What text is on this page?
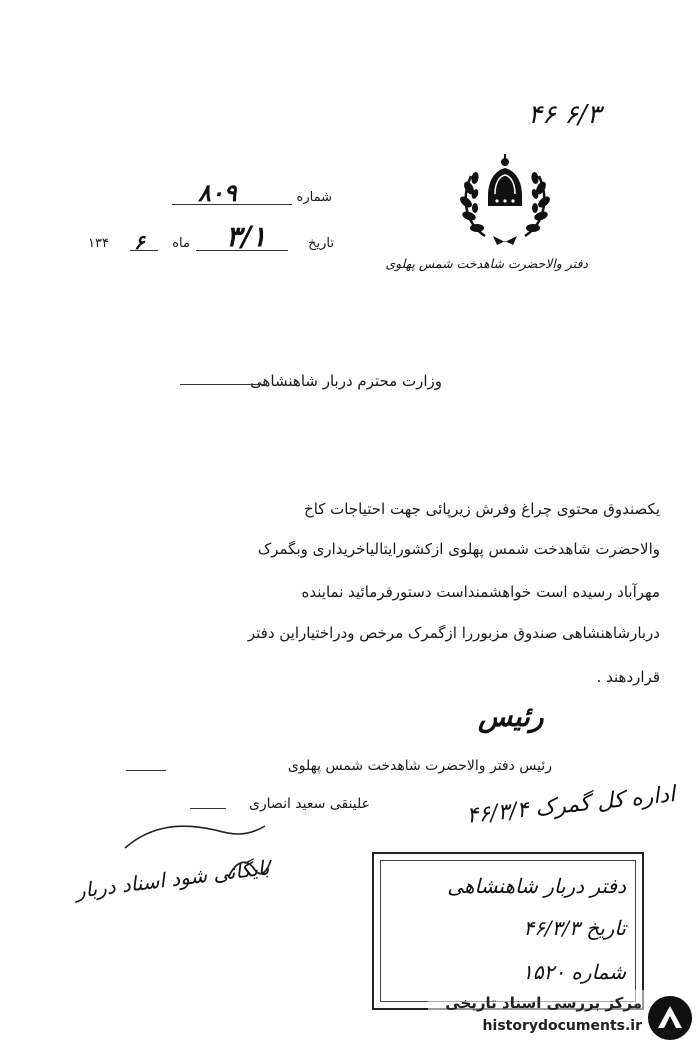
۴۶ ۶/۳
دفتر والاحضرت شاهدخت شمس پهلوی
شماره
۸۰۹
تاریخ
۳/۱
ماه
۶
۱۳۴
وزارت محترم دربار شاهنشاهی
یکصندوق محتوی چراغ وفرش زیرپائی جهت احتیاجات کاخ
والاحضرت شاهدخت شمس پهلوی ازکشورایتالیاخریداری وبگمرک
مهرآباد رسیده است خواهشمنداست دستورفرمائید نماینده
دربارشاهنشاهی صندوق مزبوررا ازگمرک مرخص ودراختیاراین دفتر
قراردهند .
رئیس
رئیس دفتر والاحضرت شاهدخت شمس پهلوی
علینقی سعید انصاری	اداره کل گمرک ۴۶/۳/۴
بایگانی شود اسناد دربار	دفتر دربار شاهنشاهی
تاریخ ۴۶/۳/۳
شماره ۱۵۲۰
مرکز بررسی اسناد تاریخی
historydocuments.ir
